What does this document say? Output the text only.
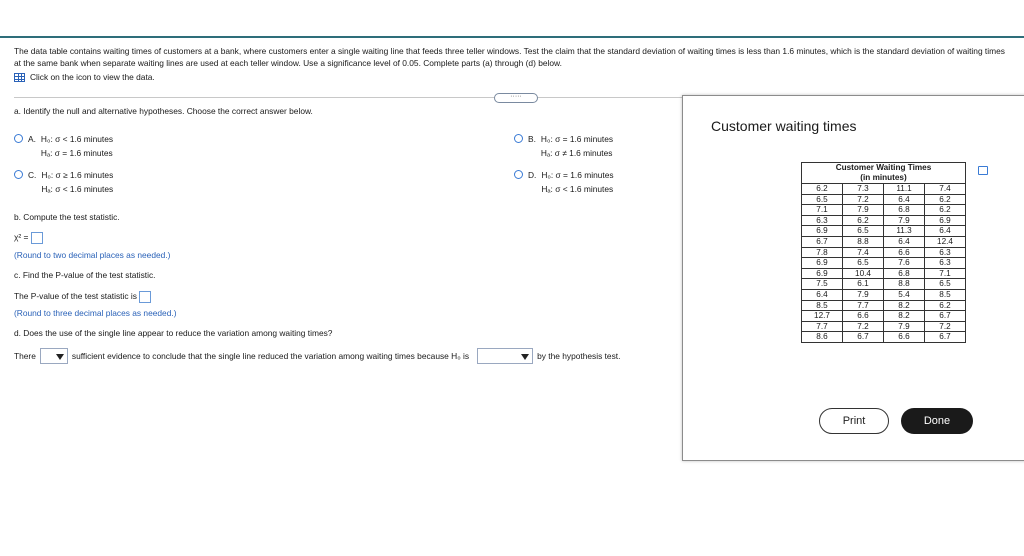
The data table contains waiting times of customers at a bank, where customers enter a single waiting line that feeds three teller windows. Test the claim that the standard deviation of waiting times is less than 1.6 minutes, which is the standard deviation of waiting times at the same bank when separate waiting lines are used at each teller window. Use a significance level of 0.05. Complete parts (a) through (d) below.
Click on the icon to view the data.
·····
a. Identify the null and alternative hypotheses. Choose the correct answer below.
A. H₀: σ < 1.6 minutes
Hₐ: σ = 1.6 minutes
B. H₀: σ = 1.6 minutes
Hₐ: σ ≠ 1.6 minutes
C. H₀: σ ≥ 1.6 minutes
Hₐ: σ < 1.6 minutes
D. H₀: σ = 1.6 minutes
Hₐ: σ < 1.6 minutes
b. Compute the test statistic.
χ² =
(Round to two decimal places as needed.)
c. Find the P-value of the test statistic.
The P-value of the test statistic is
(Round to three decimal places as needed.)
d. Does the use of the single line appear to reduce the variation among waiting times?
There	sufficient evidence to conclude that the single line reduced the variation among waiting times because H₀ is	by the hypothesis test.
Customer waiting times
Customer Waiting Times
(in minutes)			

6.2	7.3	11.1	7.4
6.5	7.2	6.4	6.2
7.1	7.9	6.8	6.2
6.3	6.2	7.9	6.9
6.9	6.5	11.3	6.4
6.7	8.8	6.4	12.4
7.8	7.4	6.6	6.3
6.9	6.5	7.6	6.3
6.9	10.4	6.8	7.1
7.5	6.1	8.8	6.5
6.4	7.9	5.4	8.5
8.5	7.7	8.2	6.2
12.7	6.6	8.2	6.7
7.7	7.2	7.9	7.2
8.6	6.7	6.6	6.7
Print	Done
